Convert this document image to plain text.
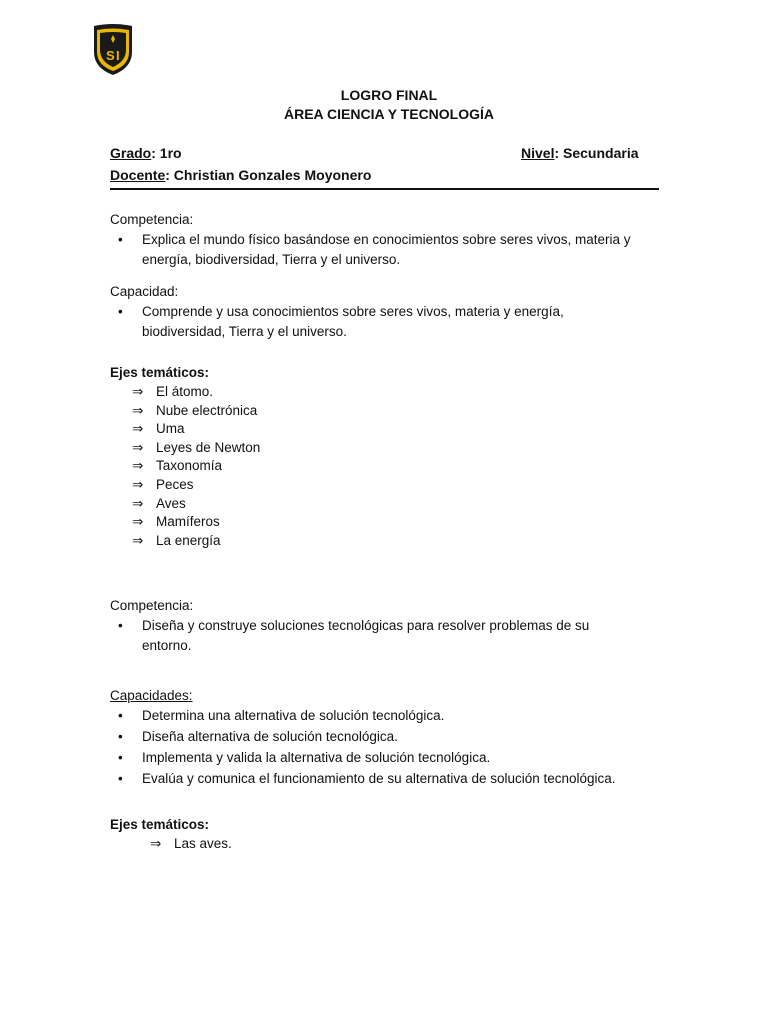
S I
LOGRO FINAL
ÁREA CIENCIA Y TECNOLOGÍA
Grado: 1ro	Nivel: Secundaria
Docente: Christian Gonzales Moyonero
Competencia:
• Explica el mundo físico basándose en conocimientos sobre seres vivos, materia y energía, biodiversidad, Tierra y el universo.
Capacidad:
• Comprende y usa conocimientos sobre seres vivos, materia y energía, biodiversidad, Tierra y el universo.
Ejes temáticos:
⇒ El átomo.
⇒ Nube electrónica
⇒ Uma
⇒ Leyes de Newton
⇒ Taxonomía
⇒ Peces
⇒ Aves
⇒ Mamíferos
⇒ La energía
Competencia:
• Diseña y construye soluciones tecnológicas para resolver problemas de su entorno.
Capacidades:
• Determina una alternativa de solución tecnológica.
• Diseña alternativa de solución tecnológica.
• Implementa y valida la alternativa de solución tecnológica.
• Evalúa y comunica el funcionamiento de su alternativa de solución tecnológica.
Ejes temáticos:
⇒ Las aves.
